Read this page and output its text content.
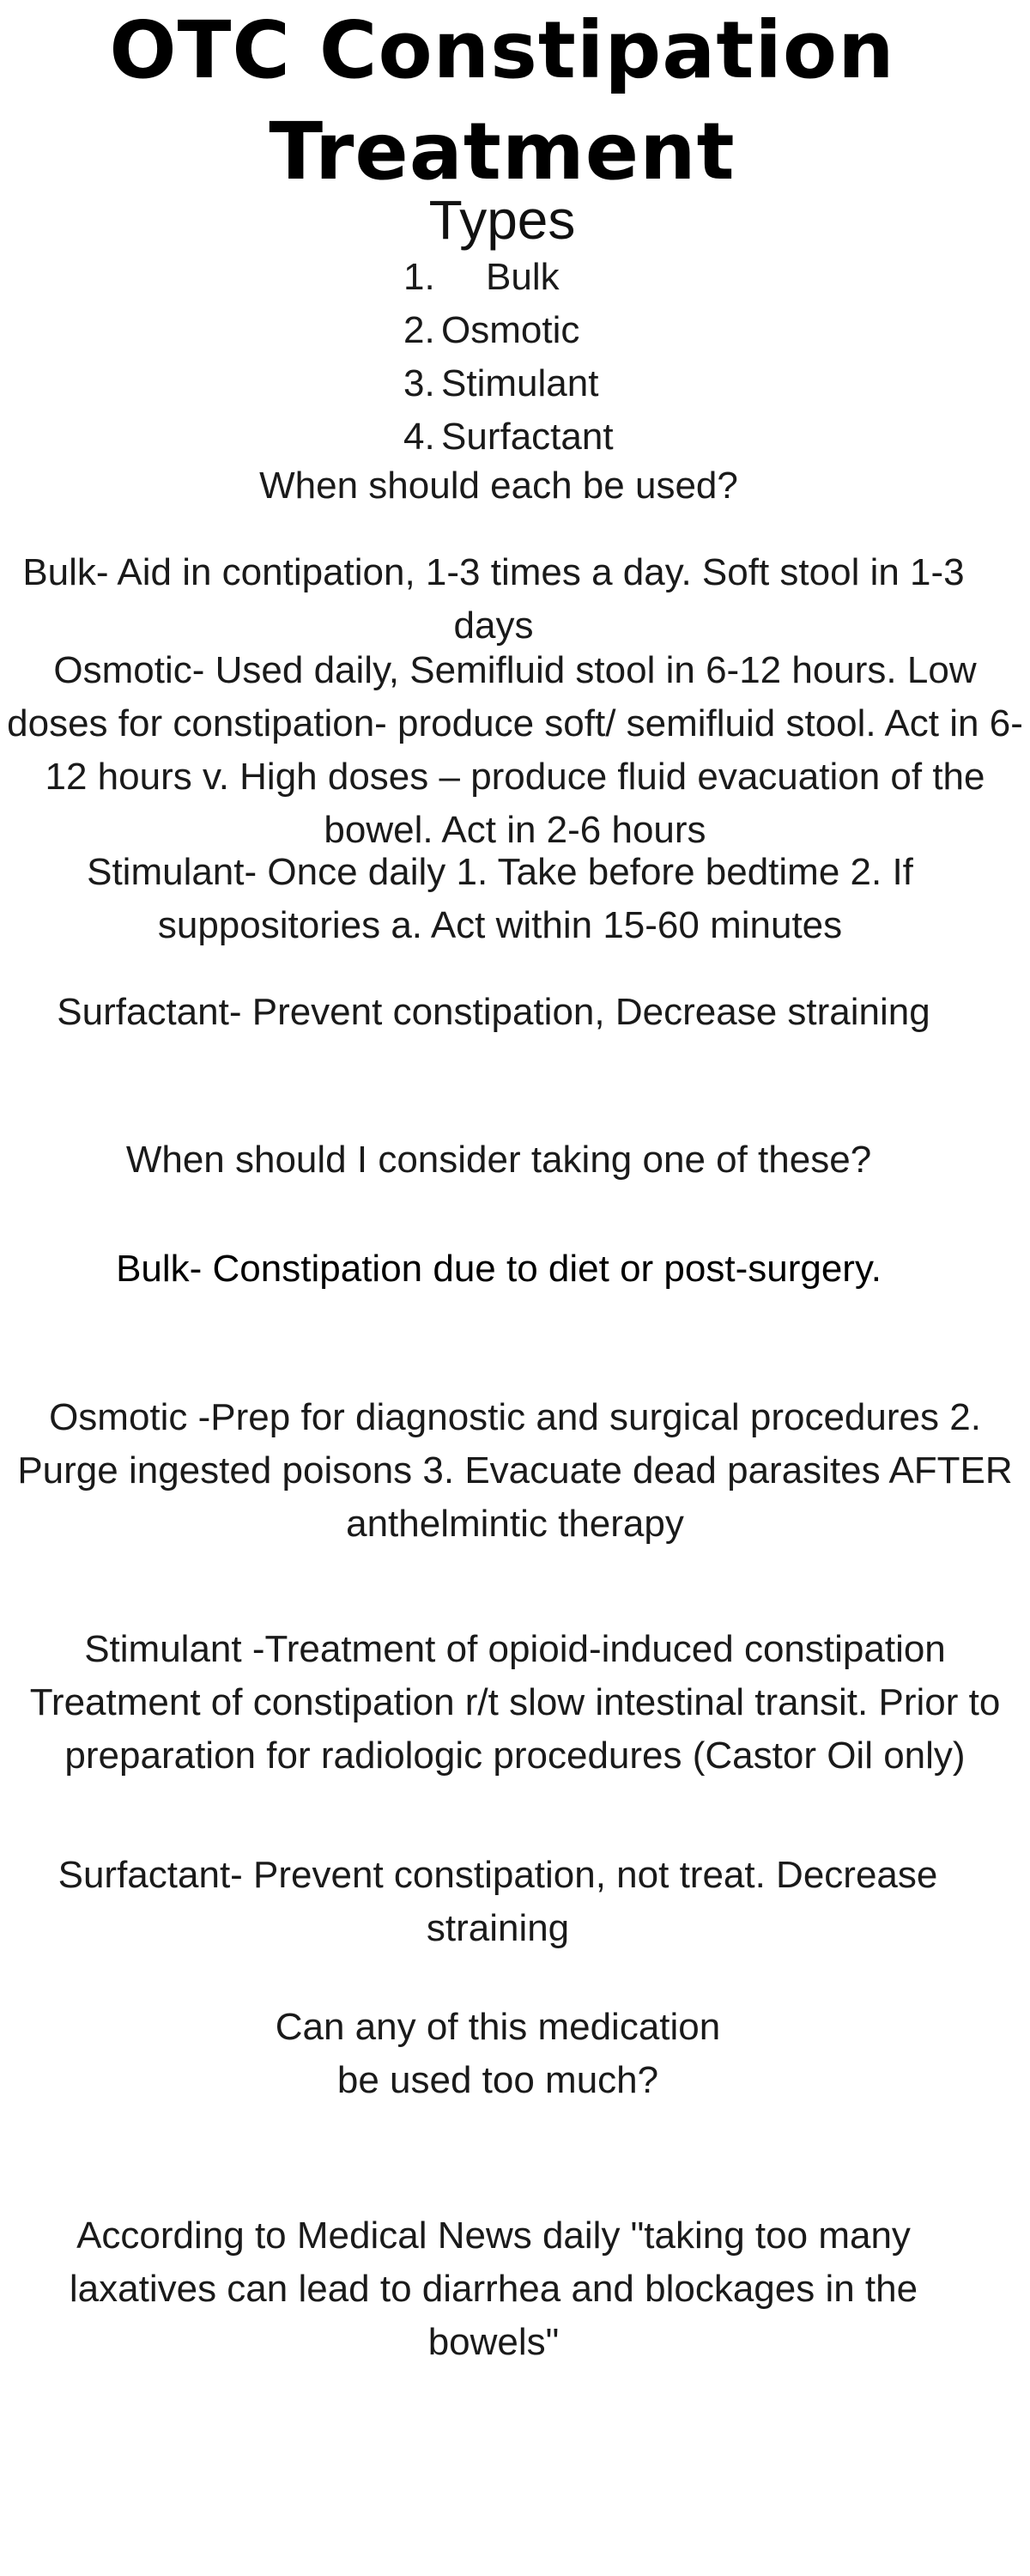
OTC Constipation
Treatment
Types
1.	Bulk
2. Osmotic
3. Stimulant
4. Surfactant
When should each be used?
Bulk- Aid in contipation, 1-3 times a day. Soft stool in 1-3 days
Osmotic- Used daily, Semifluid stool in 6-12 hours. Low doses for constipation- produce soft/ semifluid stool. Act in 6-12 hours v. High doses – produce fluid evacuation of the bowel. Act in 2-6 hours
Stimulant- Once daily 1. Take before bedtime 2. If suppositories a. Act within 15-60 minutes
Surfactant- Prevent constipation, Decrease straining
When should I consider taking one of these?
Bulk- Constipation due to diet or post-surgery.
Osmotic -Prep for diagnostic and surgical procedures 2. Purge ingested poisons 3. Evacuate dead parasites AFTER anthelmintic therapy
Stimulant -Treatment of opioid-induced constipation Treatment of constipation r/t slow intestinal transit. Prior to preparation for radiologic procedures (Castor Oil only)
Surfactant- Prevent constipation, not treat. Decrease straining
Can any of this medication
be used too much?
According to Medical News daily "taking too many laxatives can lead to diarrhea and blockages in the bowels"
